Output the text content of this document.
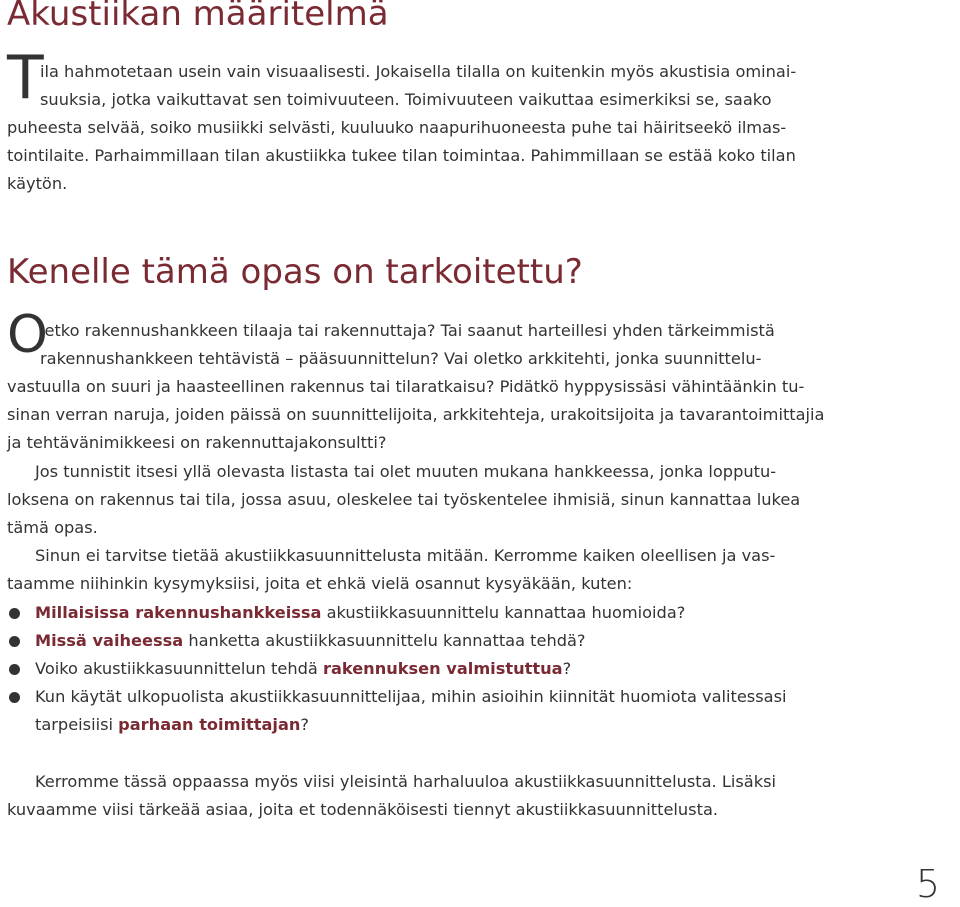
Akustiikan määritelmä
T

ila hahmotetaan usein vain visuaalisesti. Jokaisella tilalla on kuitenkin myös akustisia ominai-

suuksia, jotka vaikuttavat sen toimivuuteen. Toimivuuteen vaikuttaa esimerkiksi se, saako

puheesta selvää, soiko musiikki selvästi, kuuluuko naapurihuoneesta puhe tai häiritseekö ilmas-

tointilaite. Parhaimmillaan tilan akustiikka tukee tilan toimintaa. Pahimmillaan se estää koko tilan

käytön.

Kenelle tämä opas on tarkoitettu?
O

letko rakennushankkeen tilaaja tai rakennuttaja? Tai saanut harteillesi yhden tärkeimmistä

rakennushankkeen tehtävistä – pääsuunnittelun? Vai oletko arkkitehti, jonka suunnittelu-

vastuulla on suuri ja haasteellinen rakennus tai tilaratkaisu? Pidätkö hyppysissäsi vähintäänkin tu-

sinan verran naruja, joiden päissä on suunnittelijoita, arkkitehteja, urakoitsijoita ja tavarantoimittajia

ja tehtävänimikkeesi on rakennuttajakonsultti?

Jos tunnistit itsesi yllä olevasta listasta tai olet muuten mukana hankkeessa, jonka lopputu-

loksena on rakennus tai tila, jossa asuu, oleskelee tai työskentelee ihmisiä, sinun kannattaa lukea

tämä opas.

Sinun ei tarvitse tietää akustiikkasuunnittelusta mitään. Kerromme kaiken oleellisen ja vas-

taamme niihinkin kysymyksiisi, joita et ehkä vielä osannut kysyäkään, kuten:

Millaisissa rakennushankkeissa akustiikkasuunnittelu kannattaa huomioida?

Missä vaiheessa hanketta akustiikkasuunnittelu kannattaa tehdä?

Voiko akustiikkasuunnittelun tehdä rakennuksen valmistuttua?

Kun käytät ulkopuolista akustiikkasuunnittelijaa, mihin asioihin kiinnität huomiota valitessasi

tarpeisiisi parhaan toimittajan?

Kerromme tässä oppaassa myös viisi yleisintä harhaluuloa akustiikkasuunnittelusta. Lisäksi

kuvaamme viisi tärkeää asiaa, joita et todennäköisesti tiennyt akustiikkasuunnittelusta.

5
